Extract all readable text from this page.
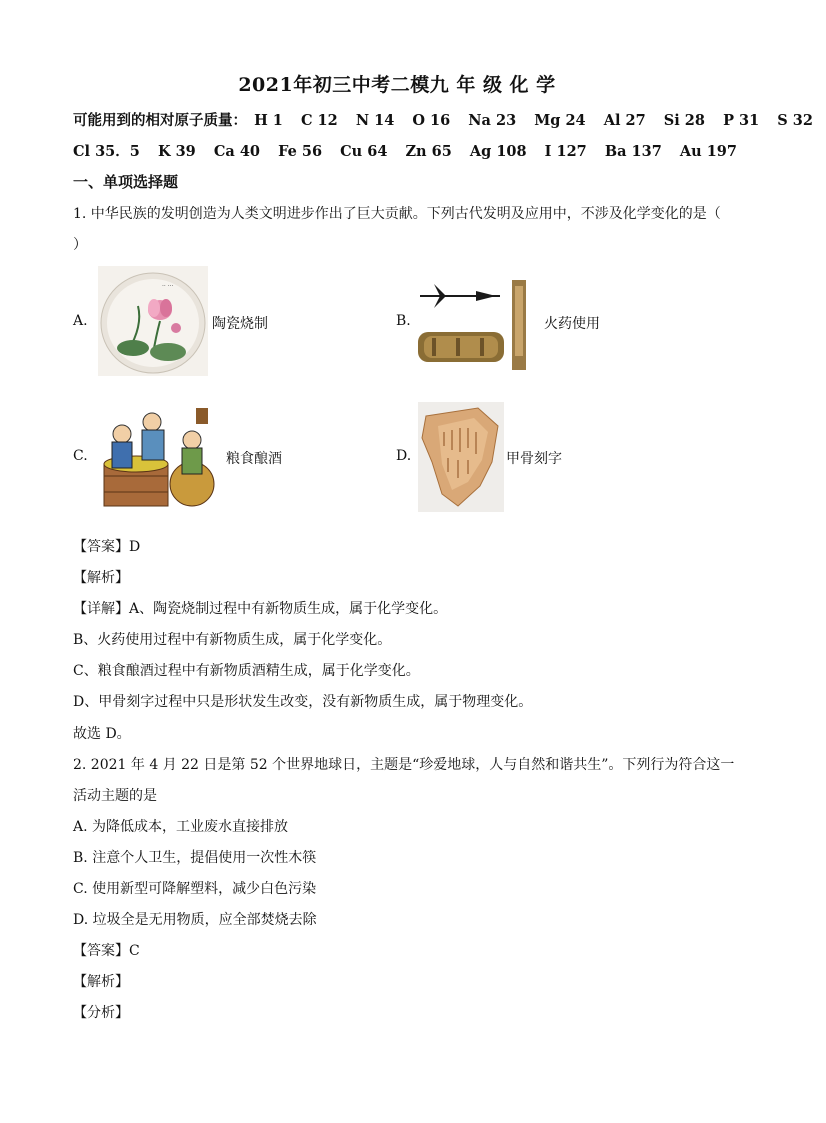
2021年初三中考二模九 年 级 化 学
可能用到的相对原子质量： H 1 C 12 N 14 O 16 Na 23 Mg 24 Al 27 Si 28 P 31 S 32
Cl 35．5 K 39 Ca 40 Fe 56 Cu 64 Zn 65 Ag 108 I 127 Ba 137 Au 197
一、单项选择题
1. 中华民族的发明创造为人类文明进步作出了巨大贡献。下列古代发明及应用中，不涉及化学变化的是（
）
A.
·· ···
陶瓷烧制	B.	火药使用
C.	粮食酿酒	D.	甲骨刻字
【答案】D
【解析】
【详解】A、陶瓷烧制过程中有新物质生成，属于化学变化。
B、火药使用过程中有新物质生成，属于化学变化。
C、粮食酿酒过程中有新物质酒精生成，属于化学变化。
D、甲骨刻字过程中只是形状发生改变，没有新物质生成，属于物理变化。
故选 D。
2. 2021 年 4 月 22 日是第 52 个世界地球日，主题是“珍爱地球，人与自然和谐共生”。下列行为符合这一
活动主题的是
A. 为降低成本，工业废水直接排放
B. 注意个人卫生，提倡使用一次性木筷
C. 使用新型可降解塑料，减少白色污染
D. 垃圾全是无用物质，应全部焚烧去除
【答案】C
【解析】
【分析】
